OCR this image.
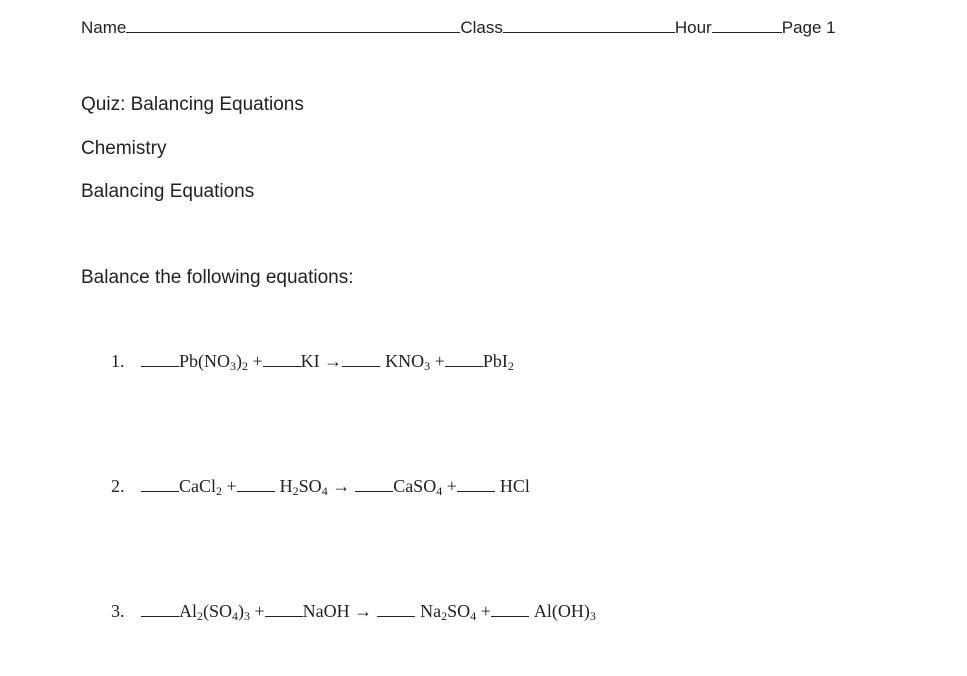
Name	Class	Hour	Page 1
Quiz: Balancing Equations
Chemistry
Balancing Equations
Balance the following equations:
1.	$Pb(NO_3)_2$ + KI → $KNO_3 + PbI_2$
2.	CaCl$_2$ + $H_2SO_4$ → CaSO$_4$ + HCl
3.	$Al_2(SO_4)_3$ + NaOH →	$Na_2SO_4 + Al(OH)_3$
